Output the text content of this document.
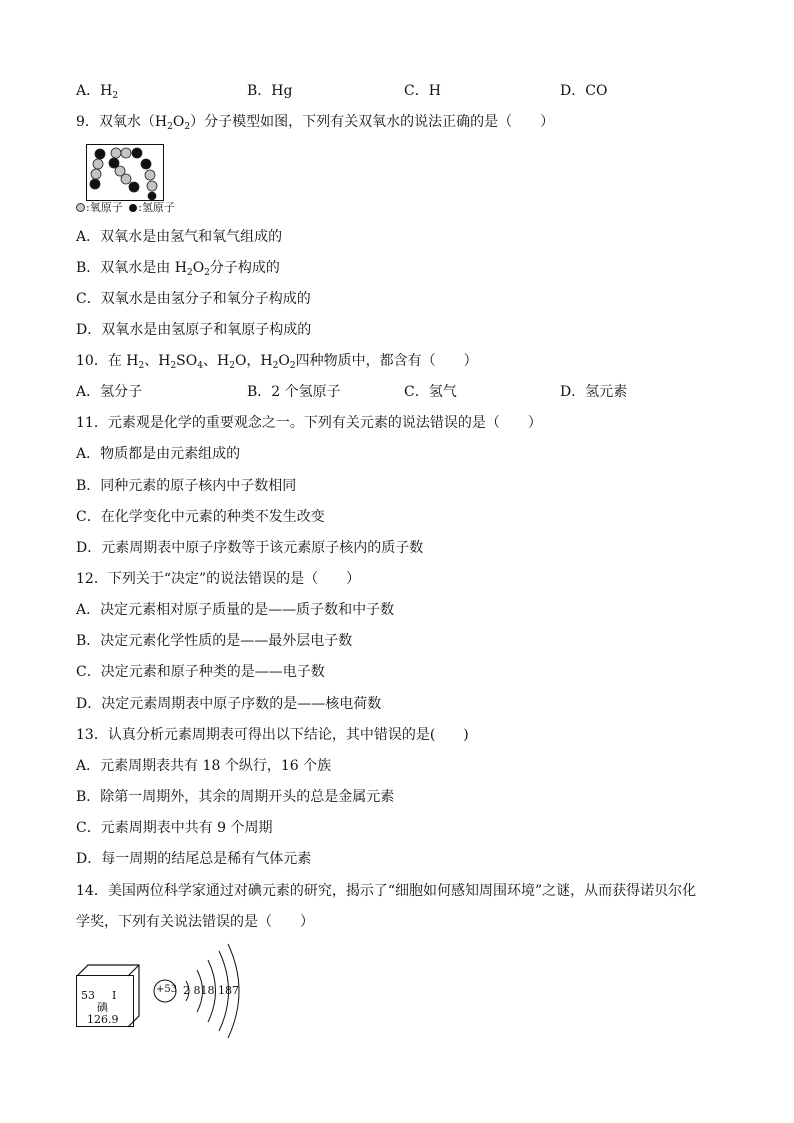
A．$H_2$	B．Hg	C．H	D．CO
9．双氧水$(H_2O_2)$分子模型如图，下列有关双氧水的说法正确的是（　　）
:氧原子 :氢原子
A．双氧水是由氢气和氧气组成的
B．双氧水是由 $H_2O_2$分子构成的
C．双氧水是由氢分子和氧分子构成的
D．双氧水是由氢原子和氧原子构成的
10．在 $H_2$、$H_2SO_4$、$H_2O$，$H_2O_2$四种物质中，都含有（　　）
A．氢分子	B．2 个氢原子	C．氢气	D．氢元素
11．元素观是化学的重要观念之一。下列有关元素的说法错误的是（　　）
A．物质都是由元素组成的
B．同种元素的原子核内中子数相同
C．在化学变化中元素的种类不发生改变
D．元素周期表中原子序数等于该元素原子核内的质子数
12．下列关于“决定”的说法错误的是（　　）
A．决定元素相对原子质量的是——质子数和中子数
B．决定元素化学性质的是——最外层电子数
C．决定元素和原子种类的是——电子数
D．决定元素周期表中原子序数的是——核电荷数
13．认真分析元素周期表可得出以下结论，其中错误的是(　　)
A．元素周期表共有 18 个纵行，16 个族
B．除第一周期外，其余的周期开头的总是金属元素
C．元素周期表中共有 9 个周期
D．每一周期的结尾总是稀有气体元素
14．美国两位科学家通过对碘元素的研究，揭示了“细胞如何感知周围环境”之谜，从而获得诺贝尔化
学奖，下列有关说法错误的是（　　）
53 I
碘
126.9
+53 2 818 187
